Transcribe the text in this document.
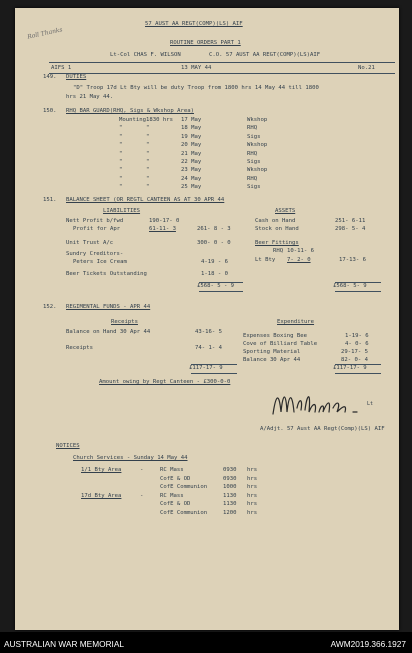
Roll Thanks
57 AUST AA REGT(COMP)(LS) AIF
ROUTINE ORDERS PART 1
Lt-Col CHAS F. WILSON	C.O. 57 AUST AA REGT(COMP)(LS)AIF
AIFS 1	13 MAY 44	No.21
149. DUTIES
"D" Troop 17d Lt Bty will be duty Troop from 1800 hrs 14 May 44 till 1800
hrs 21 May 44.
150. RHQ BAR GUARD(RHQ, Sigs & Wkshop Area)
151. BALANCE SHEET (OR REGTL CANTEEN AS AT 30 APR 44
LIABILITIES	ASSETS
Nett Profit b/fwd	190-17- 0
Profit for Apr	61-11- 3	261- 8 - 3
Unit Trust A/c	300- 0 - 0
Sundry Creditors-
Peters Ice Cream	4-19 - 6
Beer Tickets Outstanding	1-18 - 0
£568- 5 - 9
Cash on Hand	251- 6-11
Stock on Hand	298- 5- 4
Beer Fittings
RHQ 10-11- 6
Lt Bty 7- 2- 0	17-13- 6
£568- 5- 9
152. REGIMENTAL FUNDS - APR 44
Receipts	Expenditure
Balance on Hand 30 Apr 44	43-16- 5
Receipts	74- 1- 4
£117-17- 9
Expenses Boxing Bee	1-19- 6
Cove of Billiard Table	4- 0- 6
Sporting Material	29-17- 5
Balance 30 Apr 44	82- 0- 4
£117-17- 9
Amount owing by Regt Canteen - £300-0-0
Lt
A/Adjt. 57 Aust AA Regt(Comp)(LS) AIF
NOTICES
Church Services - Sunday 14 May 44
Mounting 1830 hrs 17 May	Wkshop
"	"	18 May	RHQ
"	"	19 May	Sigs
"	"	20 May	Wkshop
"	"	21 May	RHQ
"	"	22 May	Sigs
"	"	23 May	Wkshop
"	"	24 May	RHQ
"	"	25 May	Sigs
1/1 Bty Area	-	RC Mass	0930 hrs
CofE & OD	0930 hrs
CofE Communion	1000 hrs
17d Bty Area	-	RC Mass	1130 hrs
CofE & OD	1130 hrs
CofE Communion	1200 hrs
AUSTRALIAN WAR MEMORIAL	AWM2019.366.1927
